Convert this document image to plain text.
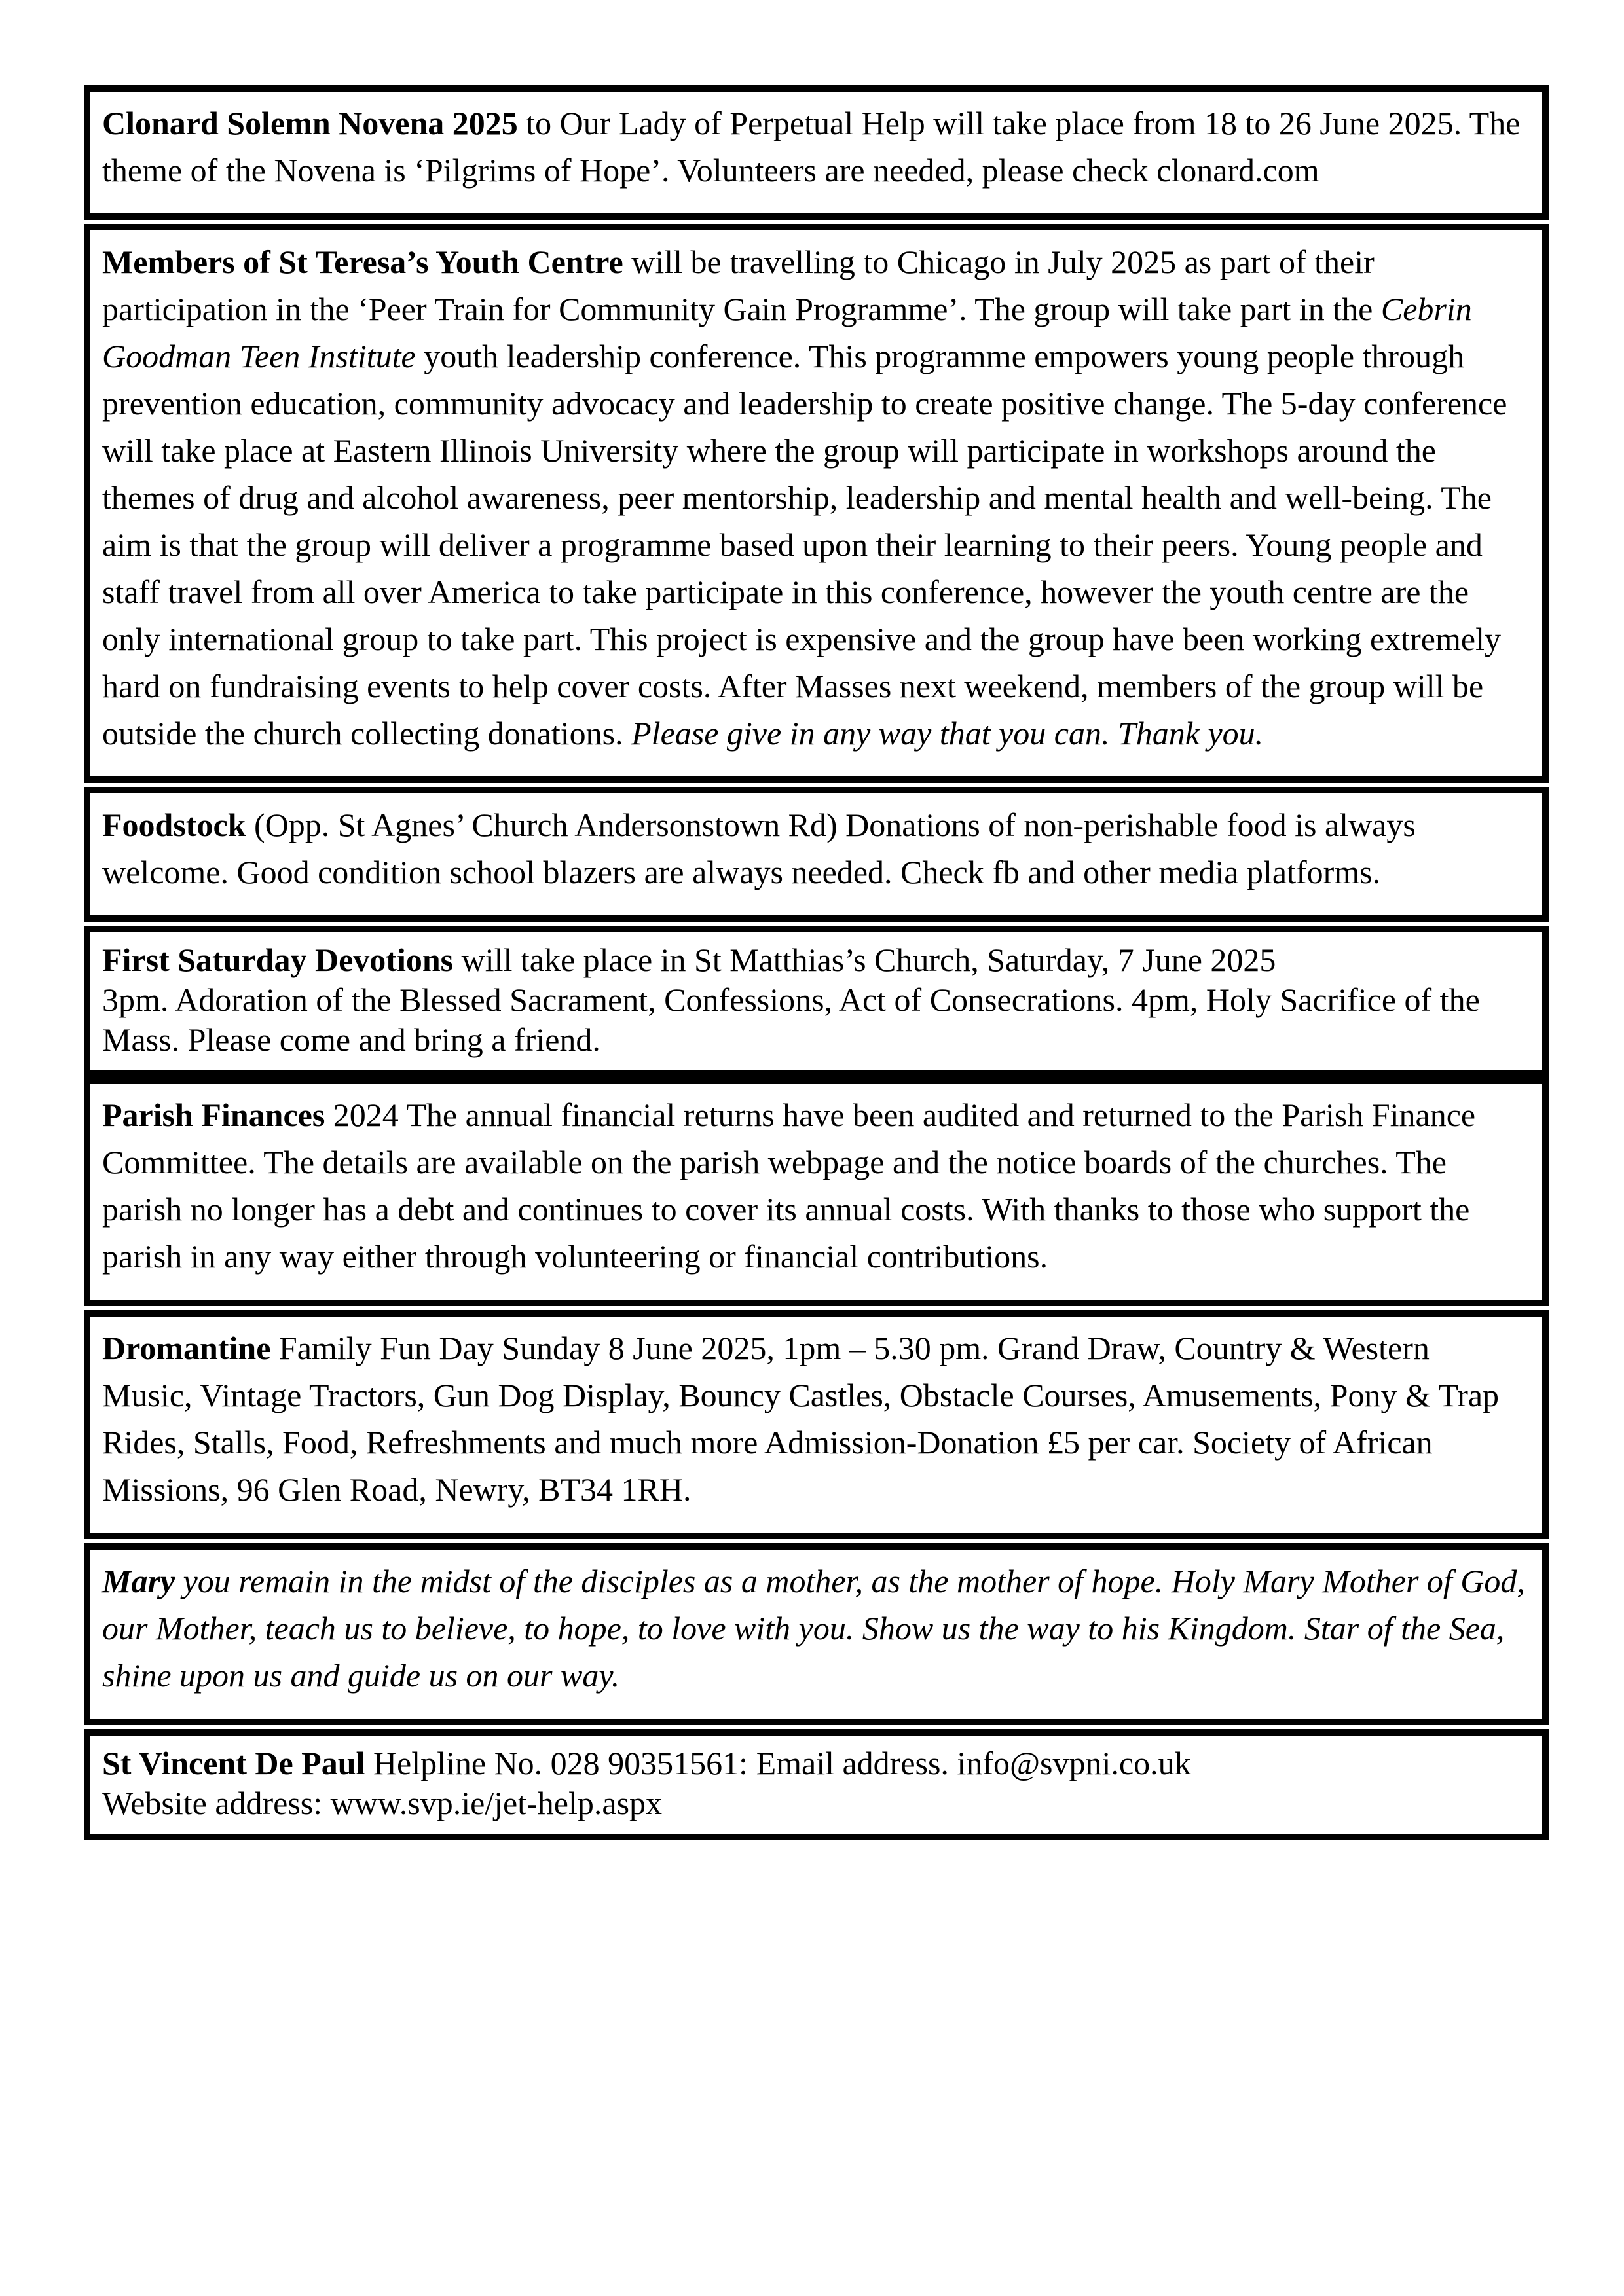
Clonard Solemn Novena 2025 to Our Lady of Perpetual Help will take place from 18 to 26 June 2025. The theme of the Novena is ‘Pilgrims of Hope’. Volunteers are needed, please check clonard.com

Members of St Teresa’s Youth Centre will be travelling to Chicago in July 2025 as part of their participation in the ‘Peer Train for Community Gain Programme’. The group will take part in the Cebrin Goodman Teen Institute youth leadership conference. This programme empowers young people through prevention education, community advocacy and leadership to create positive change. The 5-day conference will take place at Eastern Illinois University where the group will participate in workshops around the themes of drug and alcohol awareness, peer mentorship, leadership and mental health and well-being. The aim is that the group will deliver a programme based upon their learning to their peers. Young people and staff travel from all over America to take participate in this conference, however the youth centre are the only international group to take part. This project is expensive and the group have been working extremely hard on fundraising events to help cover costs. After Masses next weekend, members of the group will be outside the church collecting donations. Please give in any way that you can. Thank you.

Foodstock (Opp. St Agnes’ Church Andersonstown Rd) Donations of non-perishable food is always welcome. Good condition school blazers are always needed. Check fb and other media platforms.

First Saturday Devotions will take place in St Matthias’s Church, Saturday, 7 June 2025
3pm. Adoration of the Blessed Sacrament, Confessions, Act of Consecrations. 4pm, Holy Sacrifice of the Mass. Please come and bring a friend.

Parish Finances 2024 The annual financial returns have been audited and returned to the Parish Finance Committee. The details are available on the parish webpage and the notice boards of the churches. The parish no longer has a debt and continues to cover its annual costs. With thanks to those who support the parish in any way either through volunteering or financial contributions.

Dromantine Family Fun Day Sunday 8 June 2025, 1pm – 5.30 pm. Grand Draw, Country & Western Music, Vintage Tractors, Gun Dog Display, Bouncy Castles, Obstacle Courses, Amusements, Pony & Trap Rides, Stalls, Food, Refreshments and much more Admission-Donation £5 per car. Society of African Missions, 96 Glen Road, Newry, BT34 1RH.

Mary you remain in the midst of the disciples as a mother, as the mother of hope. Holy Mary Mother of God, our Mother, teach us to believe, to hope, to love with you. Show us the way to his Kingdom. Star of the Sea, shine upon us and guide us on our way.

St Vincent De Paul Helpline No. 028 90351561: Email address. info@svpni.co.uk
Website address: www.svp.ie/jet-help.aspx
